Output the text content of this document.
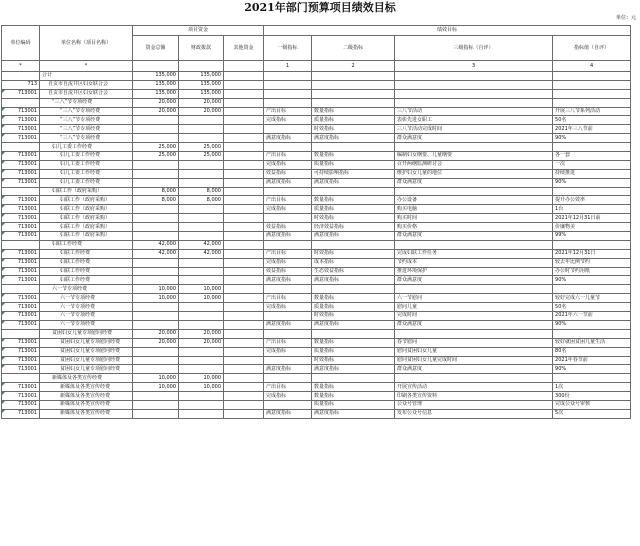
2021年部门预算项目绩效目标
单位：元
单位编码	单位名称（项目名称）	项目资金			绩效目标			
		资金总额	财政拨款	其他资金	一级指标	二级指标	三级指标（自评）	指标值（自评）
*	*				1	2	3	4
	合计	135,000	135,000					
713	自贡市自流井区妇女联合会	135,000	135,000					
713001	自贡市自流井区妇女联合会	135,000	135,000					
	“三八”节专项经费	20,000	20,000					
713001	“三八”节专项经费	20,000	20,000		产出目标	数量指标	三八节活动	开展三八节系列活动
713001	“三八”节专项经费				完成指标	质量指标	表彰先进女职工	50名
713001	“三八”节专项经费					时效指标	三八节活动完成时间	2021年三八节前
713001	“三八”节专项经费				满意度指标	满意度指标	群众满意度	90%
	妇儿工委工作经费	25,000	25,000					
713001	妇儿工委工作经费	25,000	25,000		产出目标	数量指标	编制妇女纲要、儿童纲要	各一套
713001	妇儿工委工作经费				完成指标	质量指标	召开两纲监测研讨会	一次
713001	妇儿工委工作经费				效益指标	可持续影响指标	维护妇女儿童的地位	持续推进
713001	妇儿工委工作经费				满意度指标	满意度指标	群众满意度	90%
	妇联工作（政府采购）	8,000	8,000					
713001	妇联工作（政府采购）	8,000	8,000		产出目标	数量指标	办公设备	提升办公效率
713001	妇联工作（政府采购）				完成指标	质量指标	购买电脑	1台
713001	妇联工作（政府采购）					时效指标	购买时间	2021年12月31日前
713001	妇联工作（政府采购）				效益指标	经济效益指标	购买价格	价廉物美
713001	妇联工作（政府采购）				满意度指标	满意度指标	群众满意度	99%
	妇联工作经费	42,000	42,000					
713001	妇联工作经费	42,000	42,000		产出目标	时效指标	完成妇联工作任务	2021年12月31日
713001	妇联工作经费				完成指标	成本指标	节约成本	较去年比例节约
713001	妇联工作经费				效益指标	生态效益指标	推进环境保护	办公时节约用纸
713001	妇联工作经费				满意度指标	满意度指标	群众满意度	90%
	六一节专项经费	10,000	10,000					
713001	六一节专项经费	10,000	10,000		产出目标	数量指标	六一节慰问	较好完成六一儿童节
713001	六一节专项经费				完成指标	质量指标	慰问儿童	50名
713001	六一节专项经费					时效指标	完成时间	2021年六一节前
713001	六一节专项经费				满意度指标	满意度指标	群众满意度	90%
	贫困妇女儿童专项慰问经费	20,000	20,000					
713001	贫困妇女儿童专项慰问经费	20,000	20,000		产出目标	数量指标	春节慰问	较好就困贫困儿童生活
713001	贫困妇女儿童专项慰问经费				完成指标	质量指标	慰问贫困妇女儿童	80名
713001	贫困妇女儿童专项慰问经费					时效指标	慰问贫困妇女儿童完成时间	2021年春节前
713001	贫困妇女儿童专项慰问经费				满意度指标	满意度指标	群众满意度	90%
	新媒体及各类宣传经费	10,000	10,000					
713001	新媒体及各类宣传经费	10,000	10,000		产出目标	数量指标	开展宣传活动	1次
713001	新媒体及各类宣传经费				完成指标	数量指标	印刷各类宣传资料	300份
713001	新媒体及各类宣传经费					质量指标	公众号管理	完成公众号审核
713001	新媒体及各类宣传经费				满意度指标	满意度指标	发布公众号信息	5次
